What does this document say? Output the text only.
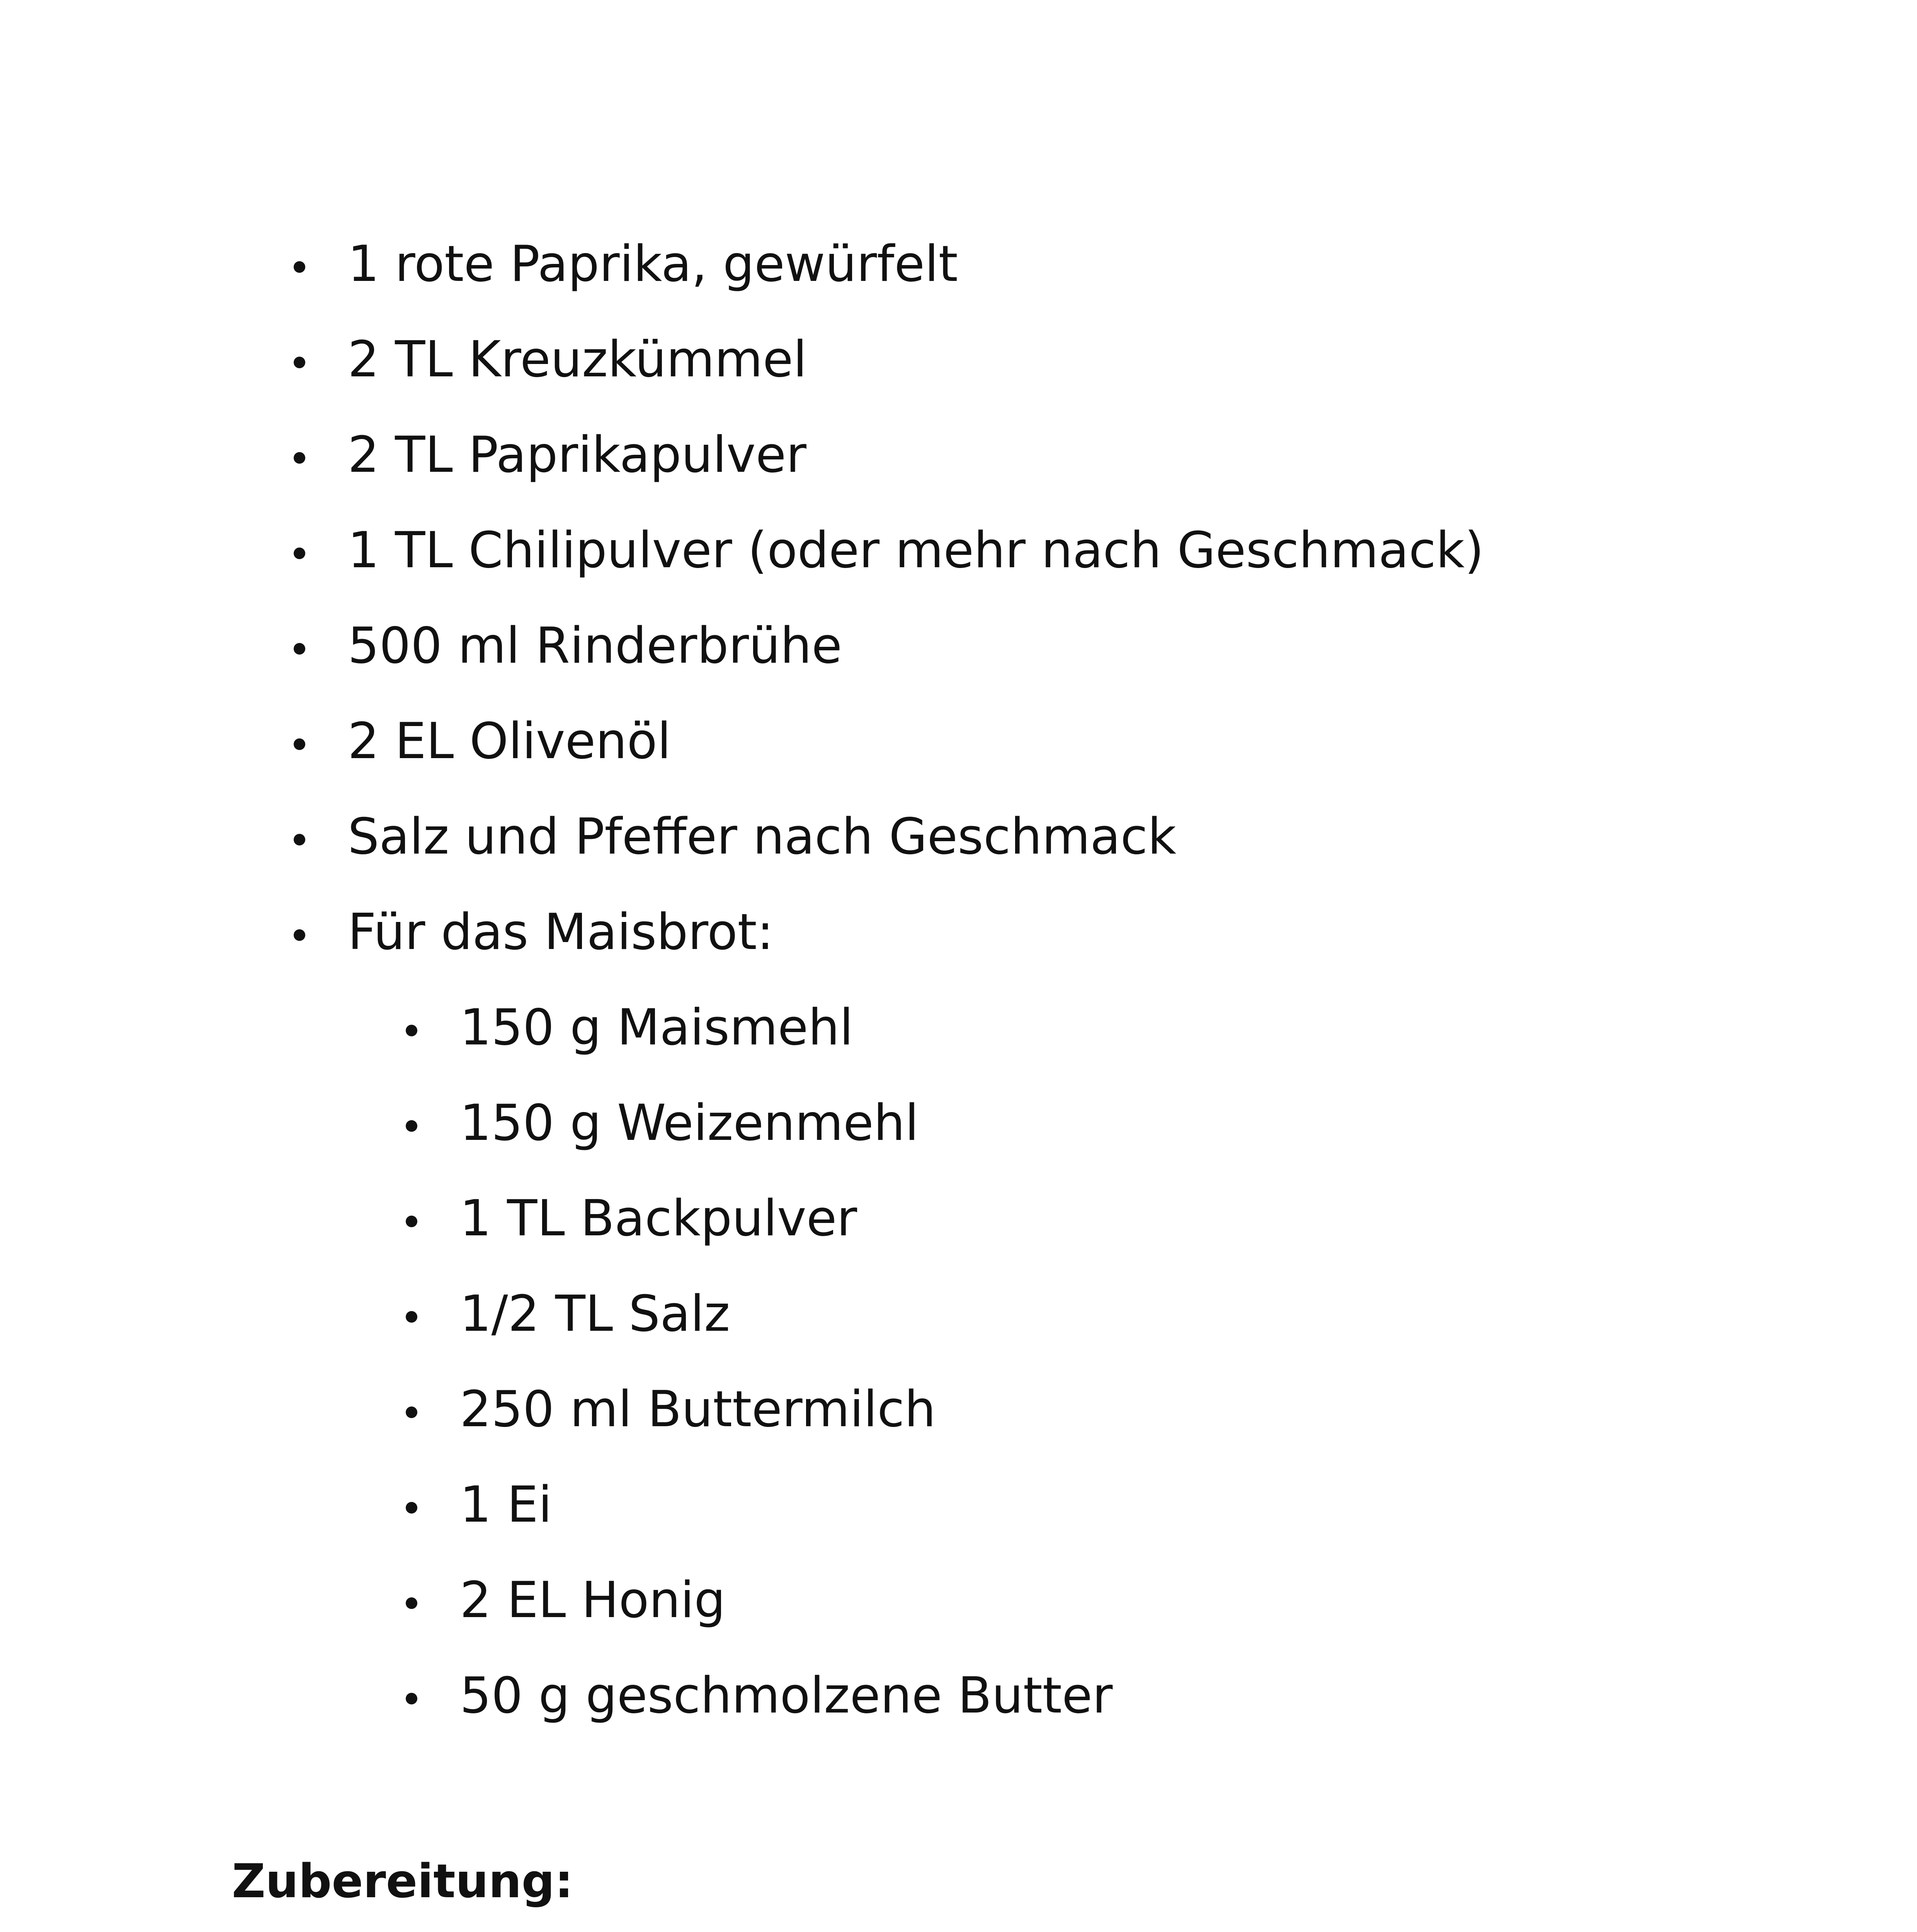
1 rote Paprika, gewürfelt
2 TL Kreuzkümmel
2 TL Paprikapulver
1 TL Chilipulver (oder mehr nach Geschmack)
500 ml Rinderbrühe
2 EL Olivenöl
Salz und Pfeffer nach Geschmack
Für das Maisbrot:
150 g Maismehl
150 g Weizenmehl
1 TL Backpulver
1/2 TL Salz
250 ml Buttermilch
1 Ei
2 EL Honig
50 g geschmolzene Butter
Zubereitung:
